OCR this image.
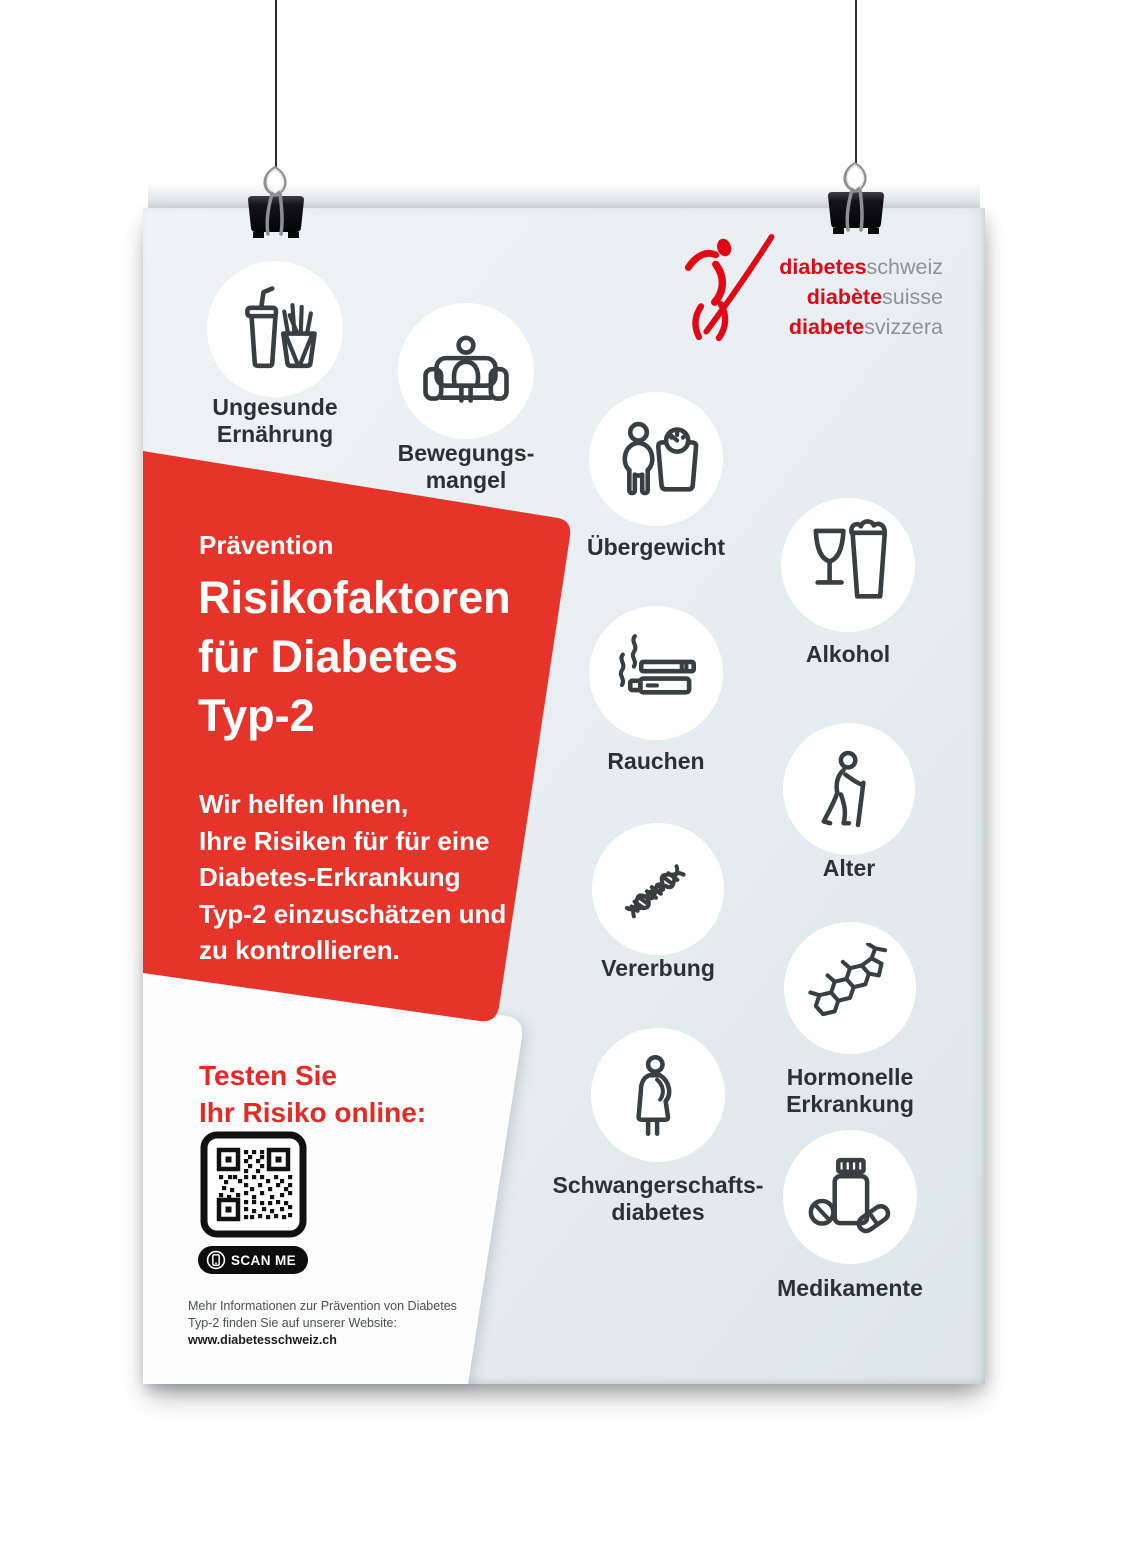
diabetesschweiz
diabètesuisse
diabetesvizzera
Prävention
Risikofaktoren
für Diabetes
Typ-2
Wir helfen Ihnen,
Ihre Risiken für für eine
Diabetes-Erkrankung
Typ-2 einzuschätzen und
zu kontrollieren.
Testen Sie
Ihr Risiko online:
SCAN ME
Mehr Informationen zur Prävention von Diabetes
Typ-2 finden Sie auf unserer Website:
www.diabetesschweiz.ch
Ungesunde
Ernährung
Bewegungs-
mangel
Übergewicht
Alkohol
Rauchen
Alter
Vererbung
Hormonelle
Erkrankung
Schwangerschafts-
diabetes
Medikamente
